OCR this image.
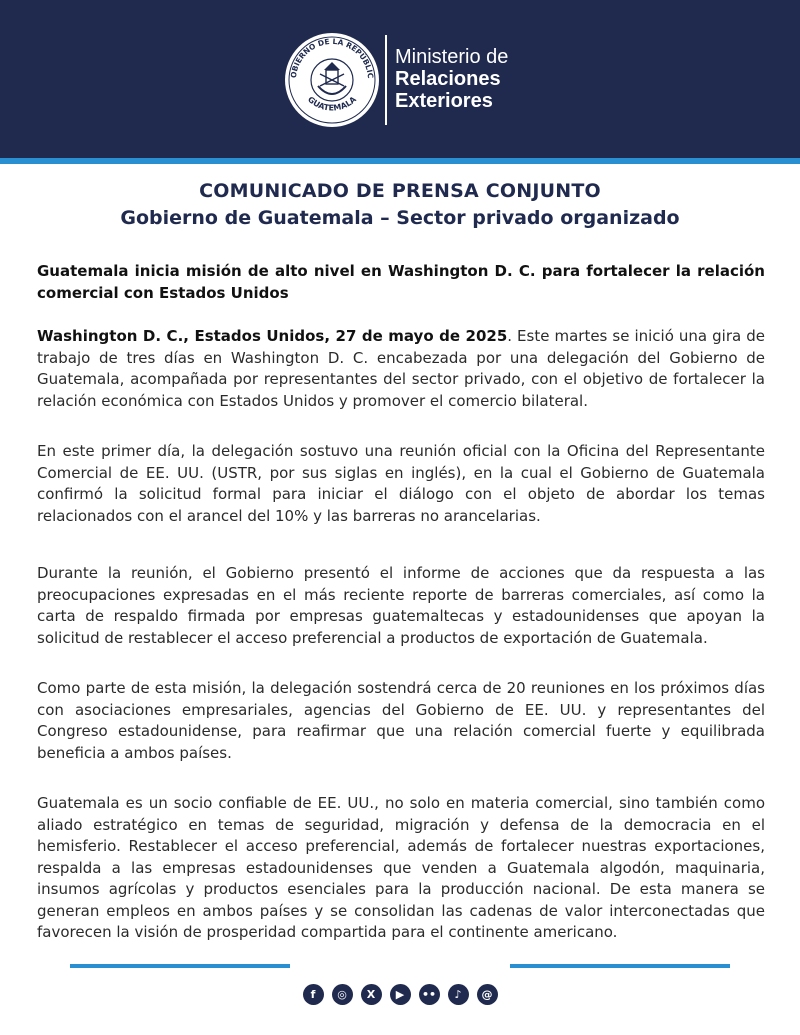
OBIERNO DE LA REPÚBLIC
GUATEMALA
Ministerio de
Relaciones
Exteriores
COMUNICADO DE PRENSA CONJUNTO
Gobierno de Guatemala – Sector privado organizado
Guatemala inicia misión de alto nivel en Washington D. C. para fortalecer la relación comercial con Estados Unidos
Washington D. C., Estados Unidos, 27 de mayo de 2025. Este martes se inició una gira de trabajo de tres días en Washington D. C. encabezada por una delegación del Gobierno de Guatemala, acompañada por representantes del sector privado, con el objetivo de fortalecer la relación económica con Estados Unidos y promover el comercio bilateral.
En este primer día, la delegación sostuvo una reunión oficial con la Oficina del Representante Comercial de EE. UU. (USTR, por sus siglas en inglés), en la cual el Gobierno de Guatemala confirmó la solicitud formal para iniciar el diálogo con el objeto de abordar los temas relacionados con el arancel del 10% y las barreras no arancelarias.
Durante la reunión, el Gobierno presentó el informe de acciones que da respuesta a las preocupaciones expresadas en el más reciente reporte de barreras comerciales, así como la carta de respaldo firmada por empresas guatemaltecas y estadounidenses que apoyan la solicitud de restablecer el acceso preferencial a productos de exportación de Guatemala.
Como parte de esta misión, la delegación sostendrá cerca de 20 reuniones en los próximos días con asociaciones empresariales, agencias del Gobierno de EE. UU. y representantes del Congreso estadounidense, para reafirmar que una relación comercial fuerte y equilibrada beneficia a ambos países.
Guatemala es un socio confiable de EE. UU., no solo en materia comercial, sino también como aliado estratégico en temas de seguridad, migración y defensa de la democracia en el hemisferio. Restablecer el acceso preferencial, además de fortalecer nuestras exportaciones, respalda a las empresas estadounidenses que venden a Guatemala algodón, maquinaria, insumos agrícolas y productos esenciales para la producción nacional. De esta manera se generan empleos en ambos países y se consolidan las cadenas de valor interconectadas que favorecen la visión de prosperidad compartida para el continente americano.
f	◎	X	▶	••	♪	@
